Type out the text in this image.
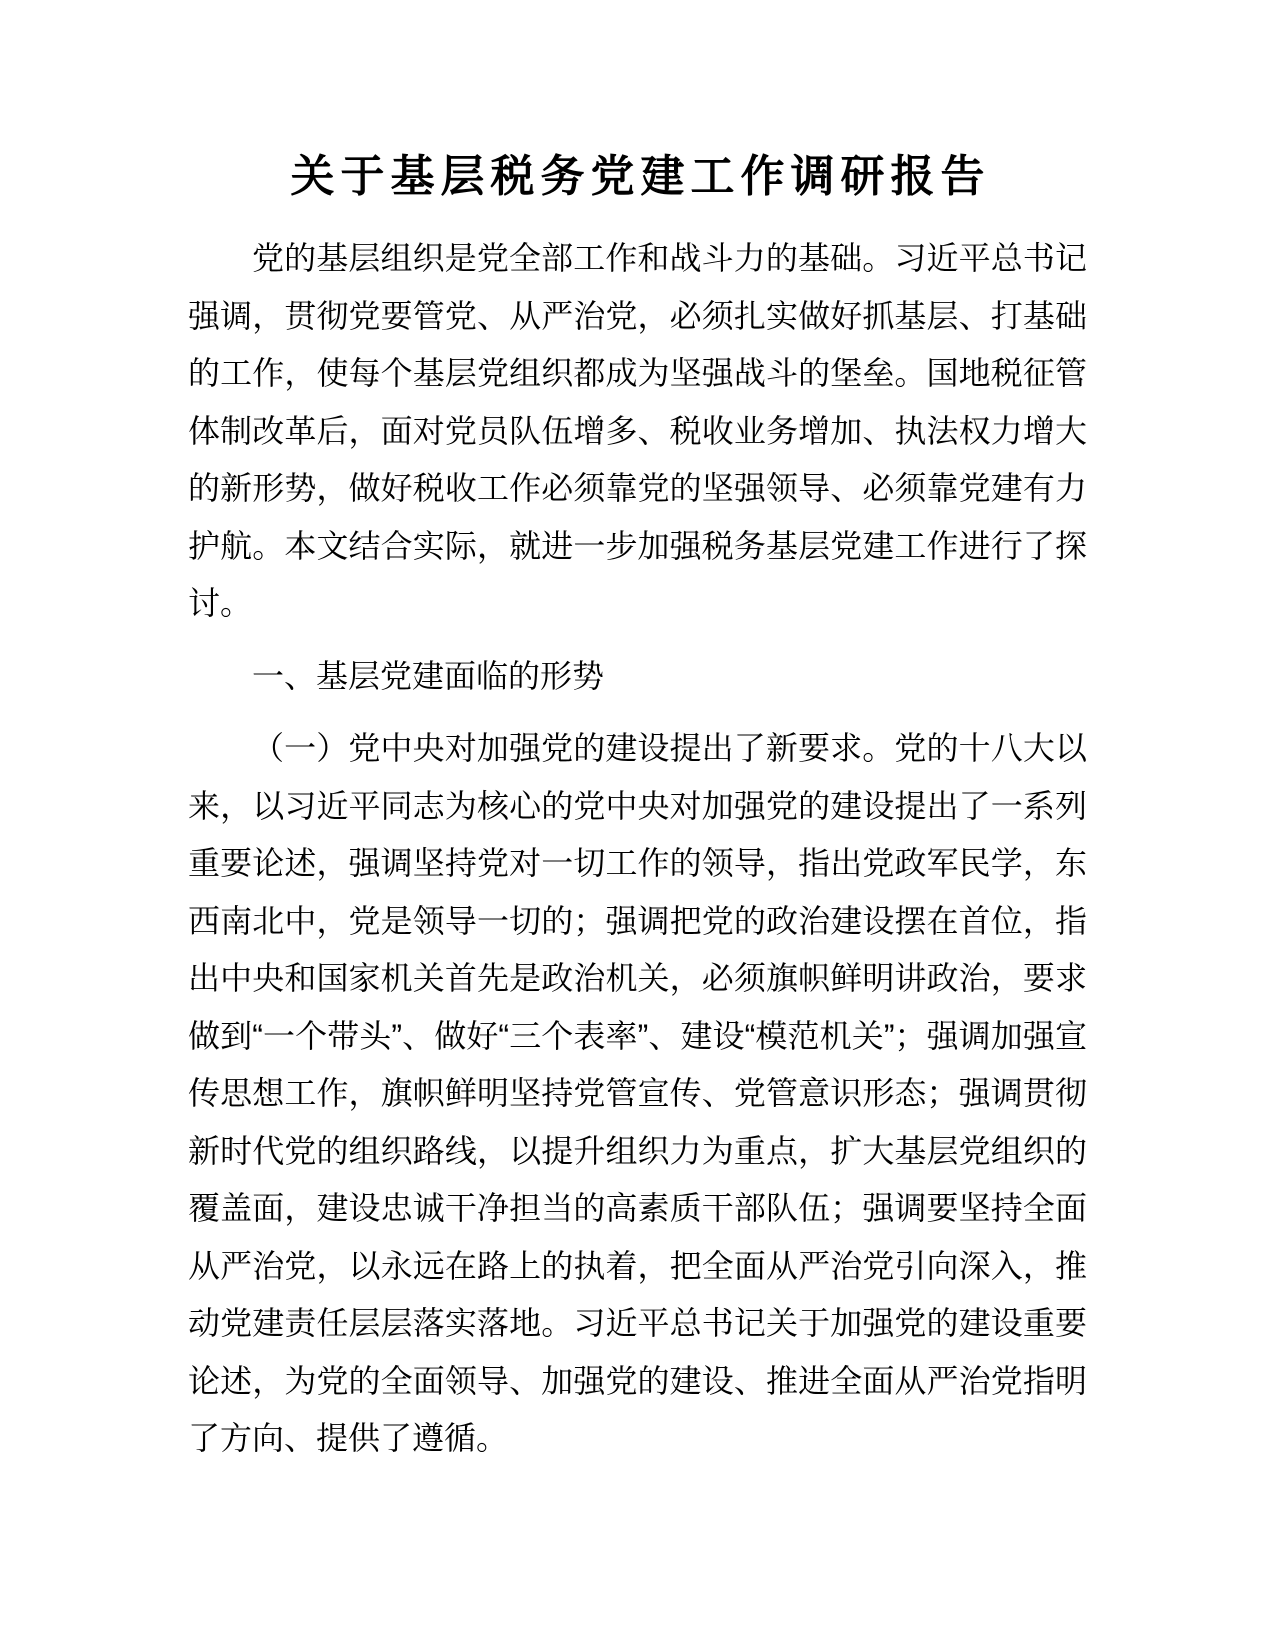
关于基层税务党建工作调研报告

党的基层组织是党全部工作和战斗力的基础。习近平总书记强调，贯彻党要管党、从严治党，必须扎实做好抓基层、打基础的工作，使每个基层党组织都成为坚强战斗的堡垒。国地税征管体制改革后，面对党员队伍增多、税收业务增加、执法权力增大的新形势，做好税收工作必须靠党的坚强领导、必须靠党建有力护航。本文结合实际，就进一步加强税务基层党建工作进行了探讨。

一、基层党建面临的形势

（一）党中央对加强党的建设提出了新要求。党的十八大以来，以习近平同志为核心的党中央对加强党的建设提出了一系列重要论述，强调坚持党对一切工作的领导，指出党政军民学，东西南北中，党是领导一切的；强调把党的政治建设摆在首位，指出中央和国家机关首先是政治机关，必须旗帜鲜明讲政治，要求做到“一个带头”、做好“三个表率”、建设“模范机关”；强调加强宣传思想工作，旗帜鲜明坚持党管宣传、党管意识形态；强调贯彻新时代党的组织路线，以提升组织力为重点，扩大基层党组织的覆盖面，建设忠诚干净担当的高素质干部队伍；强调要坚持全面从严治党，以永远在路上的执着，把全面从严治党引向深入，推动党建责任层层落实落地。习近平总书记关于加强党的建设重要论述，为党的全面领导、加强党的建设、推进全面从严治党指明了方向、提供了遵循。
